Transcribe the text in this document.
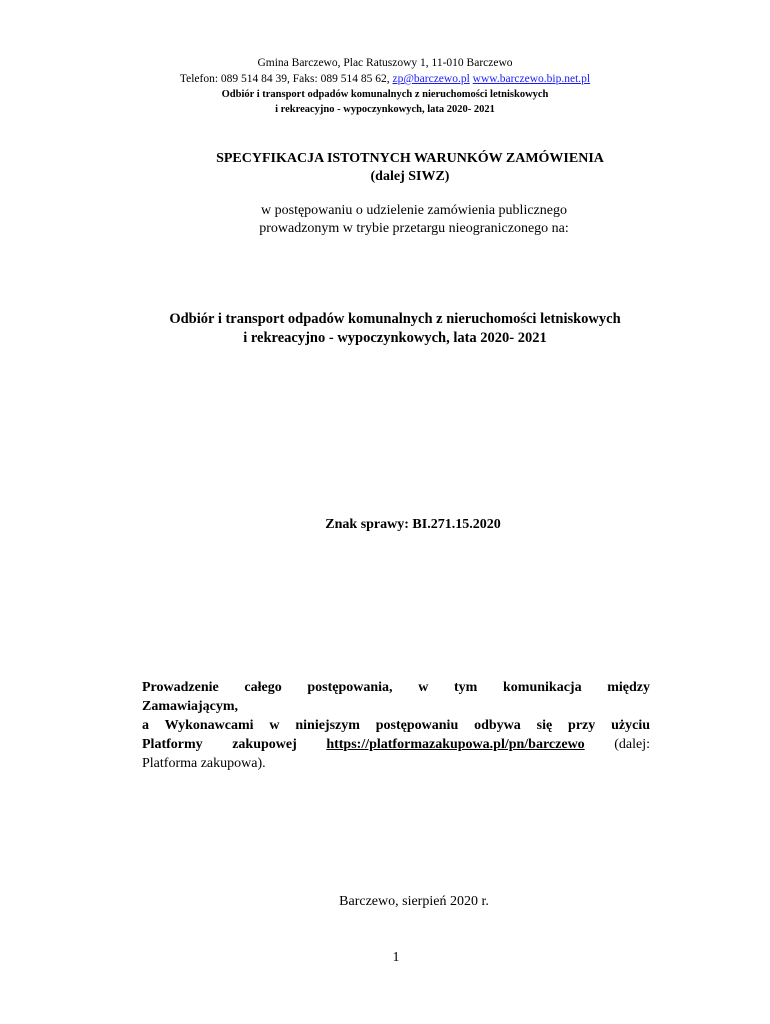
Gmina Barczewo, Plac Ratuszowy 1, 11-010 Barczewo
Telefon: 089 514 84 39, Faks: 089 514 85 62, zp@barczewo.pl www.barczewo.bip.net.pl
Odbiór i transport odpadów komunalnych z nieruchomości letniskowych
i rekreacyjno - wypoczynkowych, lata 2020- 2021
SPECYFIKACJA ISTOTNYCH WARUNKÓW ZAMÓWIENIA
(dalej SIWZ)
w postępowaniu o udzielenie zamówienia publicznego
prowadzonym w trybie przetargu nieograniczonego na:
Odbiór i transport odpadów komunalnych z nieruchomości letniskowych
i rekreacyjno - wypoczynkowych, lata 2020- 2021
Znak sprawy: BI.271.15.2020
Prowadzenie całego postępowania, w tym komunikacja między
Zamawiającym,
a Wykonawcami w niniejszym postępowaniu odbywa się przy użyciu
Platformy zakupowej https://platformazakupowa.pl/pn/barczewo (dalej:
Platforma zakupowa).
Barczewo, sierpień 2020 r.
1
